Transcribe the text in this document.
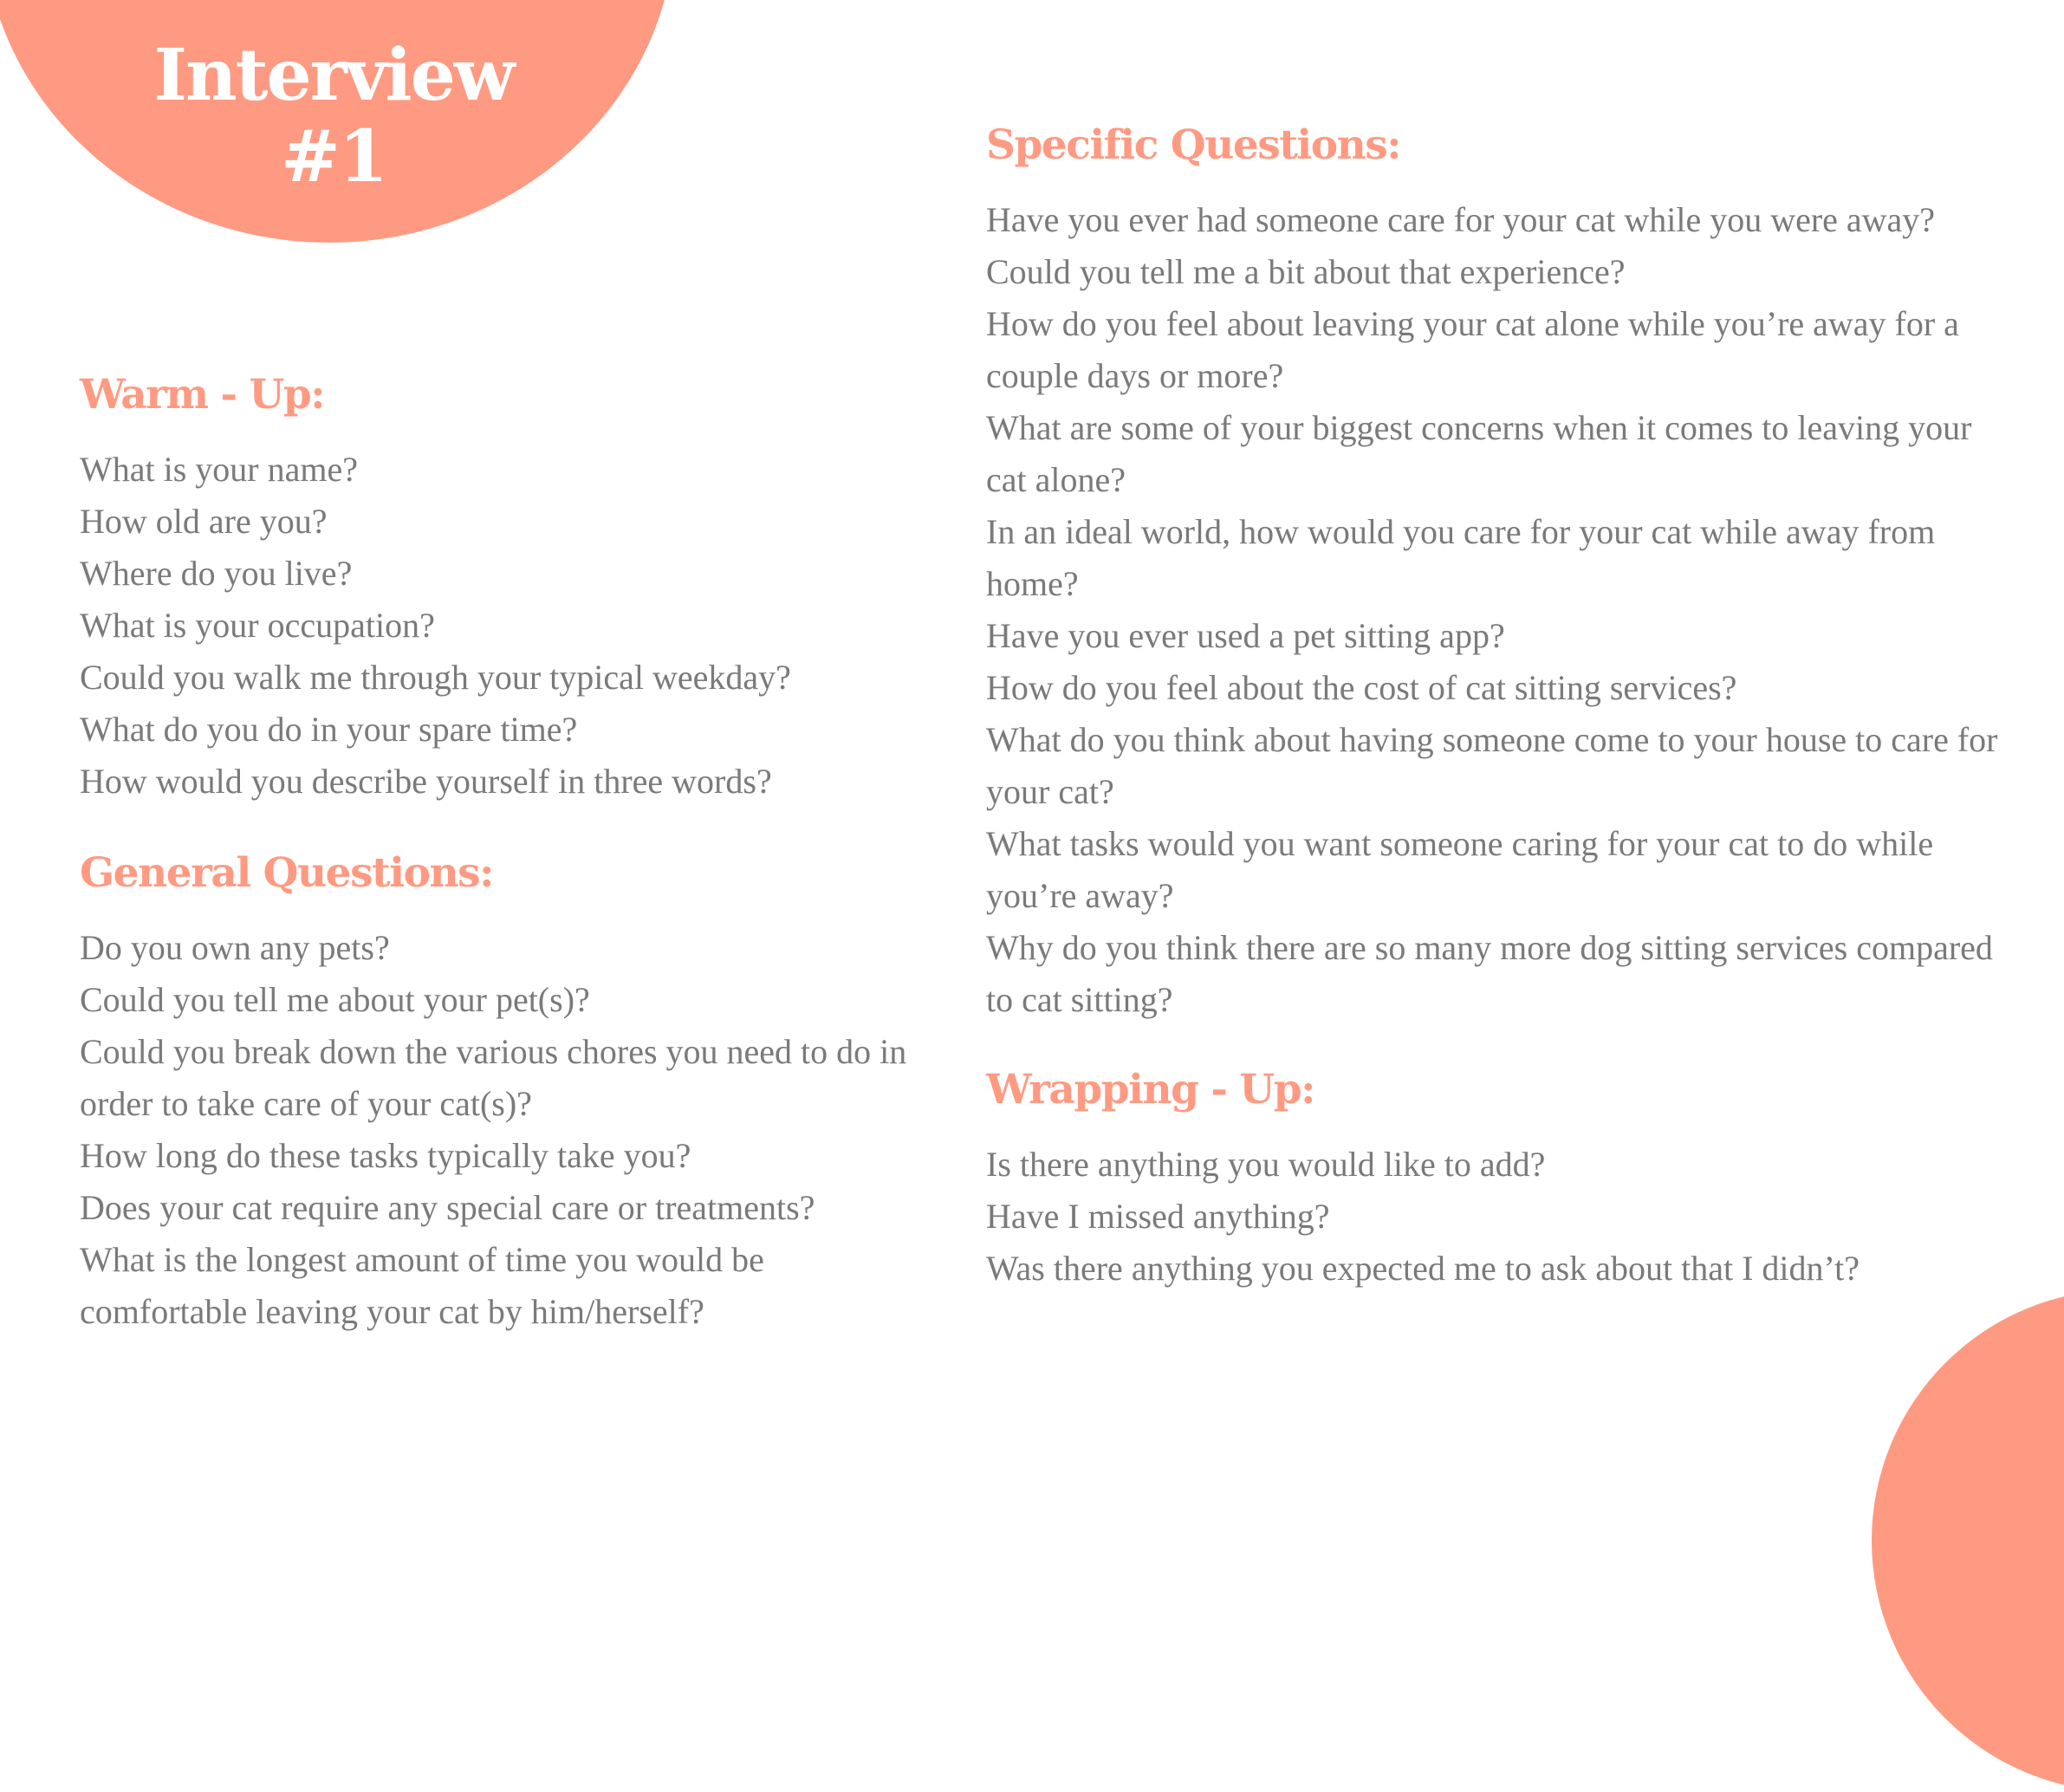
Interview
#1
Warm - Up:
What is your name?
How old are you?
Where do you live?
What is your occupation?
Could you walk me through your typical weekday?
What do you do in your spare time?
How would you describe yourself in three words?
General Questions:
Do you own any pets?
Could you tell me about your pet(s)?
Could you break down the various chores you need to do in order to take care of your cat(s)?
How long do these tasks typically take you?
Does your cat require any special care or treatments?
What is the longest amount of time you would be comfortable leaving your cat by him/herself?
Specific Questions:
Have you ever had someone care for your cat while you were away? Could you tell me a bit about that experience?
How do you feel about leaving your cat alone while you’re away for a couple days or more?
What are some of your biggest concerns when it comes to leaving your cat alone?
In an ideal world, how would you care for your cat while away from home?
Have you ever used a pet sitting app?
How do you feel about the cost of cat sitting services?
What do you think about having someone come to your house to care for your cat?
What tasks would you want someone caring for your cat to do while you’re away?
Why do you think there are so many more dog sitting services compared to cat sitting?
Wrapping - Up:
Is there anything you would like to add?
Have I missed anything?
Was there anything you expected me to ask about that I didn’t?
